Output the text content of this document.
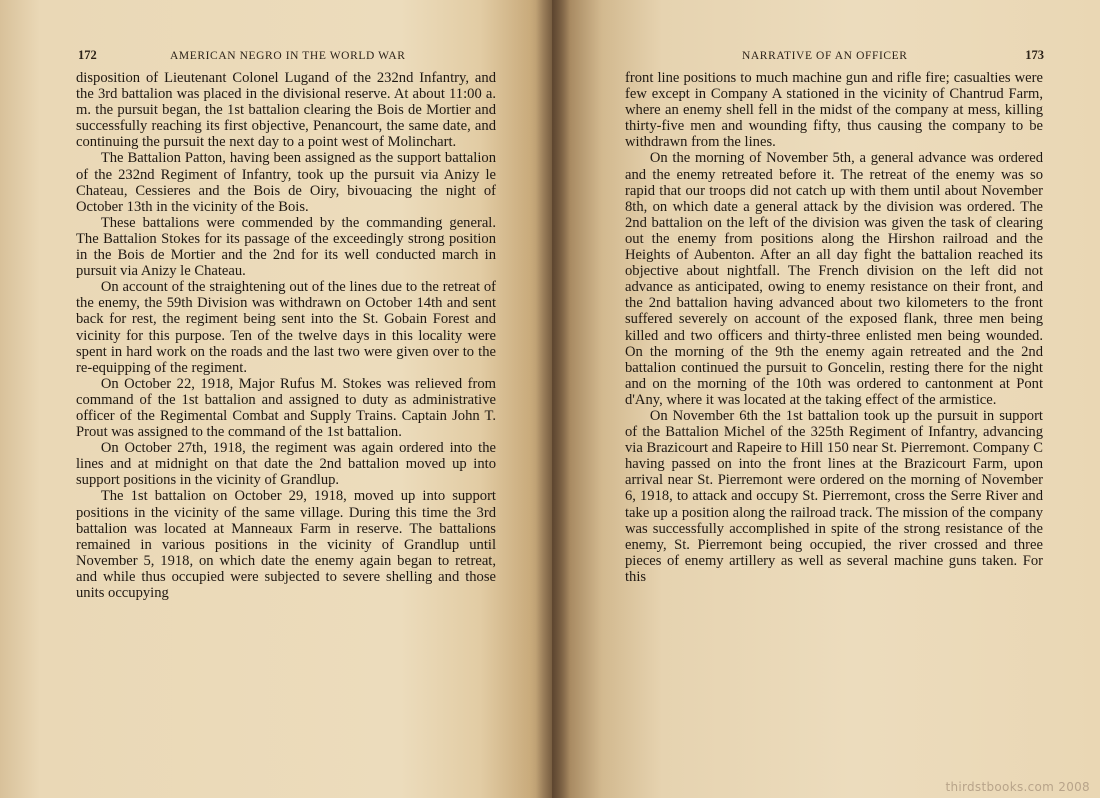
172	AMERICAN NEGRO IN THE WORLD WAR

disposition of Lieutenant Colonel Lugand of the 232nd Infantry, and the 3rd battalion was placed in the divisional reserve. At about 11:00 a. m. the pursuit began, the 1st battalion clearing the Bois de Mortier and successfully reaching its first objective, Penancourt, the same date, and continuing the pursuit the next day to a point west of Molinchart.

The Battalion Patton, having been assigned as the support battalion of the 232nd Regiment of Infantry, took up the pursuit via Anizy le Chateau, Cessieres and the Bois de Oiry, bivouacing the night of October 13th in the vicinity of the Bois.

These battalions were commended by the commanding general. The Battalion Stokes for its passage of the exceedingly strong position in the Bois de Mortier and the 2nd for its well conducted march in pursuit via Anizy le Chateau.

On account of the straightening out of the lines due to the retreat of the enemy, the 59th Division was withdrawn on October 14th and sent back for rest, the regiment being sent into the St. Gobain Forest and vicinity for this purpose. Ten of the twelve days in this locality were spent in hard work on the roads and the last two were given over to the re-equipping of the regiment.

On October 22, 1918, Major Rufus M. Stokes was relieved from command of the 1st battalion and assigned to duty as administrative officer of the Regimental Combat and Supply Trains. Captain John T. Prout was assigned to the command of the 1st battalion.

On October 27th, 1918, the regiment was again ordered into the lines and at midnight on that date the 2nd battalion moved up into support positions in the vicinity of Grandlup.

The 1st battalion on October 29, 1918, moved up into support positions in the vicinity of the same village. During this time the 3rd battalion was located at Manneaux Farm in reserve. The battalions remained in various positions in the vicinity of Grandlup until November 5, 1918, on which date the enemy again began to retreat, and while thus occupied were subjected to severe shelling and those units occupying

NARRATIVE OF AN OFFICER	173

front line positions to much machine gun and rifle fire; casualties were few except in Company A stationed in the vicinity of Chantrud Farm, where an enemy shell fell in the midst of the company at mess, killing thirty-five men and wounding fifty, thus causing the company to be withdrawn from the lines.

On the morning of November 5th, a general advance was ordered and the enemy retreated before it. The retreat of the enemy was so rapid that our troops did not catch up with them until about November 8th, on which date a general attack by the division was ordered. The 2nd battalion on the left of the division was given the task of clearing out the enemy from positions along the Hirshon railroad and the Heights of Aubenton. After an all day fight the battalion reached its objective about nightfall. The French division on the left did not advance as anticipated, owing to enemy resistance on their front, and the 2nd battalion having advanced about two kilometers to the front suffered severely on account of the exposed flank, three men being killed and two officers and thirty-three enlisted men being wounded. On the morning of the 9th the enemy again retreated and the 2nd battalion continued the pursuit to Goncelin, resting there for the night and on the morning of the 10th was ordered to cantonment at Pont d'Any, where it was located at the taking effect of the armistice.

On November 6th the 1st battalion took up the pursuit in support of the Battalion Michel of the 325th Regiment of Infantry, advancing via Brazicourt and Rapeire to Hill 150 near St. Pierremont. Company C having passed on into the front lines at the Brazicourt Farm, upon arrival near St. Pierremont were ordered on the morning of November 6, 1918, to attack and occupy St. Pierremont, cross the Serre River and take up a position along the railroad track. The mission of the company was successfully accomplished in spite of the strong resistance of the enemy, St. Pierremont being occupied, the river crossed and three pieces of enemy artillery as well as several machine guns taken. For this

thirdstbooks.com 2008
